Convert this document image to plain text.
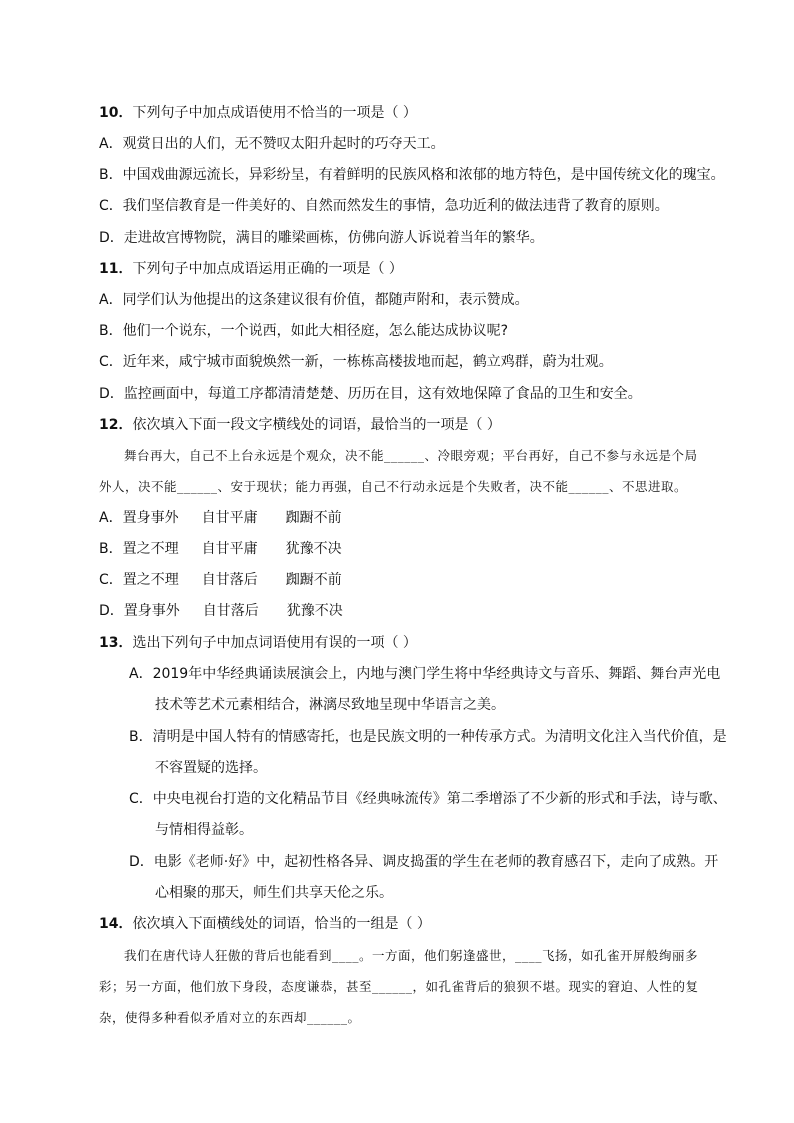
10．下列句子中加点成语使用不恰当的一项是（ ）
A．观赏日出的人们，无不赞叹太阳升起时的巧夺天工。
B．中国戏曲源远流长，异彩纷呈，有着鲜明的民族风格和浓郁的地方特色，是中国传统文化的瑰宝。
C．我们坚信教育是一件美好的、自然而然发生的事情，急功近利的做法违背了教育的原则。
D．走进故宫博物院，满目的雕梁画栋，仿佛向游人诉说着当年的繁华。
11．下列句子中加点成语运用正确的一项是（ ）
A．同学们认为他提出的这条建议很有价值，都随声附和，表示赞成。
B．他们一个说东，一个说西，如此大相径庭，怎么能达成协议呢?
C．近年来，咸宁城市面貌焕然一新，一栋栋高楼拔地而起，鹤立鸡群，蔚为壮观。
D．监控画面中，每道工序都清清楚楚、历历在目，这有效地保障了食品的卫生和安全。
12．依次填入下面一段文字横线处的词语，最恰当的一项是（ ）
舞台再大，自己不上台永远是个观众，决不能______、冷眼旁观；平台再好，自己不参与永远是个局
外人，决不能______、安于现状；能力再强，自己不行动永远是个失败者，决不能______、不思进取。
A．置身事外 自甘平庸 踟蹰不前
B．置之不理 自甘平庸 犹豫不决
C．置之不理 自甘落后 踟蹰不前
D．置身事外 自甘落后 犹豫不决
13．选出下列句子中加点词语使用有误的一项（ ）
A．2019年中华经典诵读展演会上，内地与澳门学生将中华经典诗文与音乐、舞蹈、舞台声光电
技术等艺术元素相结合，淋漓尽致地呈现中华语言之美。
B．清明是中国人特有的情感寄托，也是民族文明的一种传承方式。为清明文化注入当代价值，是
不容置疑的选择。
C．中央电视台打造的文化精品节目《经典咏流传》第二季增添了不少新的形式和手法，诗与歌、
与情相得益彰。
D．电影《老师·好》中，起初性格各异、调皮捣蛋的学生在老师的教育感召下，走向了成熟。开
心相聚的那天，师生们共享天伦之乐。
14．依次填入下面横线处的词语，恰当的一组是（ ）
我们在唐代诗人狂傲的背后也能看到____。一方面，他们躬逢盛世，____飞扬，如孔雀开屏般绚丽多
彩；另一方面，他们放下身段，态度谦恭，甚至______，如孔雀背后的狼狈不堪。现实的窘迫、人性的复
杂，使得多种看似矛盾对立的东西却______。
